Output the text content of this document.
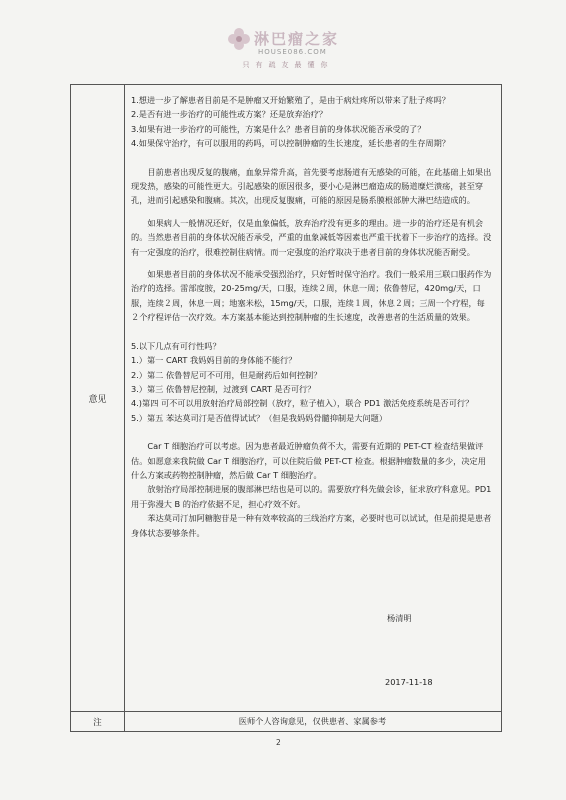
淋巴瘤之家
HOUSE086.COM
只有疏友最懂你
意见

1.想进一步了解患者目前是不是肿瘤又开始繁殖了，是由于病灶疼所以带来了肚子疼吗？

2.是否有进一步治疗的可能性或方案？还是放弃治疗？

3.如果有进一步治疗的可能性，方案是什么？患者目前的身体状况能否承受的了？

4.如果保守治疗，有可以服用的药吗，可以控制肿瘤的生长速度，延长患者的生存周期？

目前患者出现反复的腹痛，血象异常升高，首先要考虑肠道有无感染的可能，在此基础上如果出现发热，感染的可能性更大。引起感染的原因很多，要小心是淋巴瘤造成的肠道糜烂溃疡，甚至穿孔，进而引起感染和腹痛。其次，出现反复腹痛，可能的原因是肠系膜根部肿大淋巴结造成的。

如果病人一般情况还好，仅是血象偏低，放弃治疗没有更多的理由。进一步的治疗还是有机会的。当然患者目前的身体状况能否承受，严重的血象减低等因素也严重干扰着下一步治疗的选择。没有一定强度的治疗，很难控制住病情。而一定强度的治疗取决于患者目前的身体状况能否耐受。

如果患者目前的身体状况不能承受强烈治疗，只好暂时保守治疗。我们一般采用三联口服药作为治疗的选择。雷部度胺，20-25mg/天，口服，连续２周，休息一周；依鲁替尼，420mg/天，口服，连续２周，休息一周；地塞米松，15mg/天，口服，连续１周，休息２周；三周一个疗程，每２个疗程评估一次疗效。本方案基本能达到控制肿瘤的生长速度，改善患者的生活质量的效果。

5.以下几点有可行性吗？

1.）第一 CART 我妈妈目前的身体能不能行？

2.）第二 依鲁替尼可不可用，但是耐药后如何控制？

3.）第三 依鲁替尼控制，过渡到 CART 是否可行？

4.)第四 可不可以用放射治疗局部控制（放疗，粒子植入），联合 PD1 激活免疫系统是否可行？

5.）第五 苯达莫司汀是否值得试试？（但是我妈妈骨髓抑制是大问题）

Car T 细胞治疗可以考虑。因为患者最近肿瘤负荷不大，需要有近期的 PET-CT 检查结果做评估。如愿意来我院做 Car T 细胞治疗，可以住院后做 PET-CT 检查。根据肿瘤数量的多少，决定用什么方案或药物控制肿瘤，然后做 Car T 细胞治疗。

放射治疗局部控制进展的腹部淋巴结也是可以的。需要放疗科先做会诊，征求放疗科意见。PD1 用于弥漫大 B 的治疗依据不足，担心疗效不好。

苯达莫司汀加阿糖胞苷是一种有效率较高的三线治疗方案，必要时也可以试试，但是前提是患者身体状态要够条件。

杨清明
2017-11-18
注	医师个人咨询意见，仅供患者、家属参考
2
